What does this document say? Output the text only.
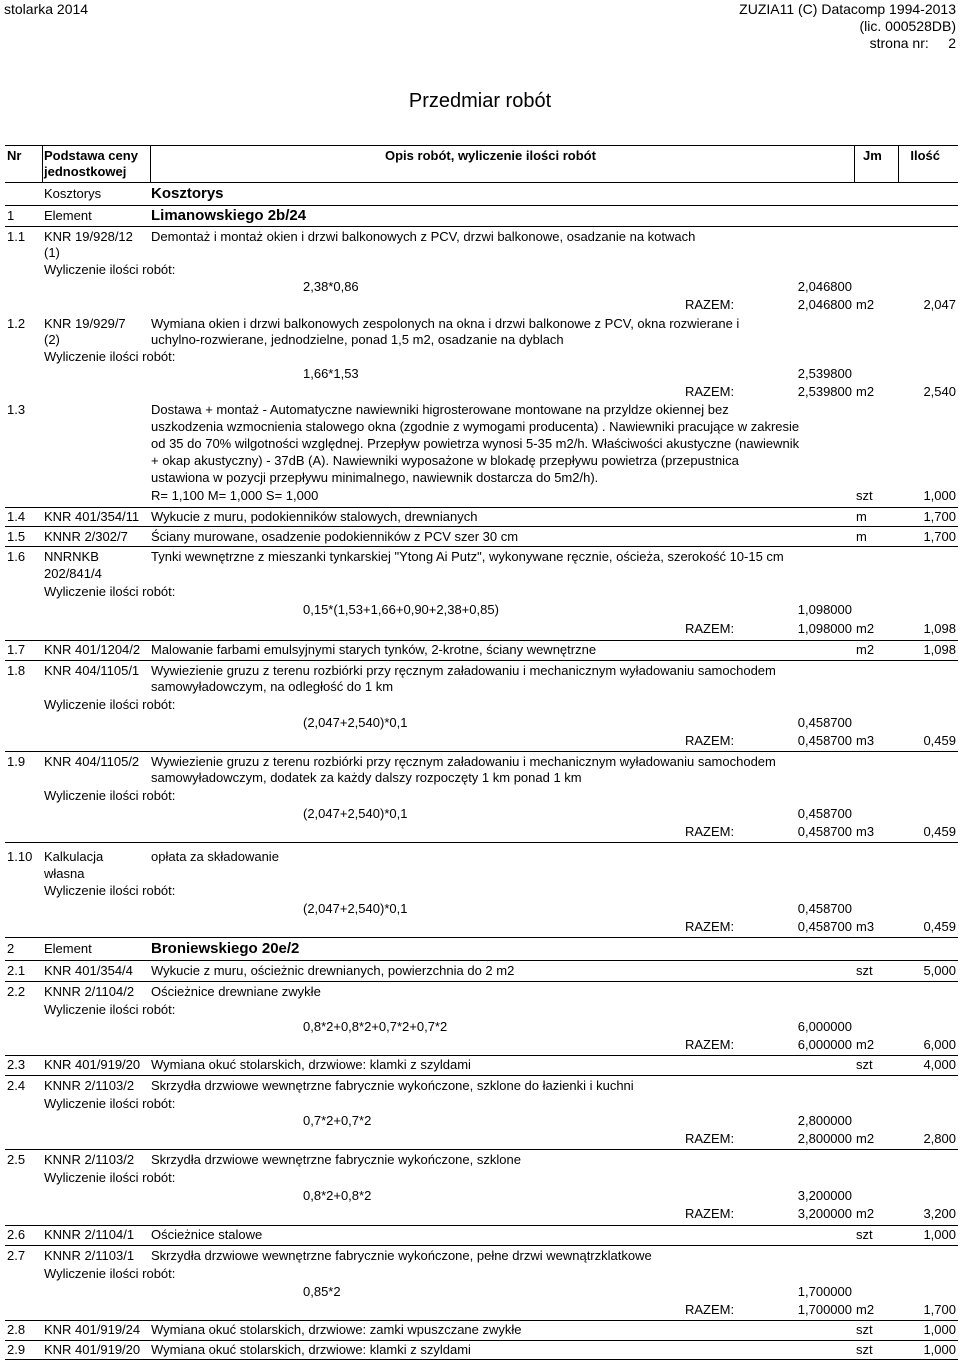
stolarka 2014	ZUZIA11 (C) Datacomp 1994-2013
(lic. 000528DB)
strona nr: 2
Przedmiar robót
Nr Podstawa ceny
jednostkowej
Opis robót, wyliczenie ilości robót	Jm Ilość
Kosztorys	Kosztorys
1 Element	Limanowskiego 2b/24
1.1 KNR 19/928/12
(1)
Demontaż i montaż okien i drzwi balkonowych z PCV, drzwi balkonowe, osadzanie na kotwach
Wyliczenie ilości robót:
2,38*0,86	2,046800
RAZEM:	2,046800 m2	2,047
1.2 KNR 19/929/7
(2)
Wymiana okien i drzwi balkonowych zespolonych na okna i drzwi balkonowe z PCV, okna rozwierane i
uchylno-rozwierane, jednodzielne, ponad 1,5 m2, osadzanie na dyblach
Wyliczenie ilości robót:
1,66*1,53	2,539800
RAZEM:	2,539800 m2	2,540
1.3	Dostawa + montaż - Automatyczne nawiewniki higrosterowane montowane na przyldze okiennej bez
uszkodzenia wzmocnienia stalowego okna (zgodnie z wymogami producenta) . Nawiewniki pracujące w zakresie
od 35 do 70% wilgotności względnej. Przepływ powietrza wynosi 5-35 m2/h. Właściwości akustyczne (nawiewnik
+ okap akustyczny) - 37dB (A). Nawiewniki wyposażone w blokadę przepływu powietrza (przepustnica
ustawiona w pozycji przepływu minimalnego, nawiewnik dostarcza do 5m2/h).
R= 1,100 M= 1,000 S= 1,000	szt	1,000
1.4 KNR 401/354/11 Wykucie z muru, podokienników stalowych, drewnianych	m	1,700
1.5 KNNR 2/302/7 Ściany murowane, osadzenie podokienników z PCV szer 30 cm	m	1,700
1.6 NNRNKB
202/841/4
Tynki wewnętrzne z mieszanki tynkarskiej "Ytong Ai Putz", wykonywane ręcznie, ościeża, szerokość 10-15 cm
Wyliczenie ilości robót:
0,15*(1,53+1,66+0,90+2,38+0,85)	1,098000
RAZEM:	1,098000 m2	1,098
1.7 KNR 401/1204/2 Malowanie farbami emulsyjnymi starych tynków, 2-krotne, ściany wewnętrzne	m2	1,098
1.8 KNR 404/1105/1 Wywiezienie gruzu z terenu rozbiórki przy ręcznym załadowaniu i mechanicznym wyładowaniu samochodem
samowyładowczym, na odległość do 1 km
Wyliczenie ilości robót:
(2,047+2,540)*0,1	0,458700
RAZEM:	0,458700 m3	0,459
1.9 KNR 404/1105/2 Wywiezienie gruzu z terenu rozbiórki przy ręcznym załadowaniu i mechanicznym wyładowaniu samochodem
samowyładowczym, dodatek za każdy dalszy rozpoczęty 1 km ponad 1 km
Wyliczenie ilości robót:
(2,047+2,540)*0,1	0,458700
RAZEM:	0,458700 m3	0,459
1.10 Kalkulacja
własna
opłata za składowanie
Wyliczenie ilości robót:
(2,047+2,540)*0,1	0,458700
RAZEM:	0,458700 m3	0,459
2 Element	Broniewskiego 20e/2
2.1 KNR 401/354/4 Wykucie z muru, ościeżnic drewnianych, powierzchnia do 2 m2	szt	5,000
2.2 KNNR 2/1104/2 Ościeżnice drewniane zwykłe
Wyliczenie ilości robót:
0,8*2+0,8*2+0,7*2+0,7*2	6,000000
RAZEM:	6,000000 m2	6,000
2.3 KNR 401/919/20 Wymiana okuć stolarskich, drzwiowe: klamki z szyldami	szt	4,000
2.4 KNNR 2/1103/2 Skrzydła drzwiowe wewnętrzne fabrycznie wykończone, szklone do łazienki i kuchni
Wyliczenie ilości robót:
0,7*2+0,7*2	2,800000
RAZEM:	2,800000 m2	2,800
2.5 KNNR 2/1103/2 Skrzydła drzwiowe wewnętrzne fabrycznie wykończone, szklone
Wyliczenie ilości robót:
0,8*2+0,8*2	3,200000
RAZEM:	3,200000 m2	3,200
2.6 KNNR 2/1104/1 Ościeżnice stalowe	szt	1,000
2.7 KNNR 2/1103/1 Skrzydła drzwiowe wewnętrzne fabrycznie wykończone, pełne drzwi wewnątrzklatkowe
Wyliczenie ilości robót:
0,85*2	1,700000
RAZEM:	1,700000 m2	1,700
2.8 KNR 401/919/24 Wymiana okuć stolarskich, drzwiowe: zamki wpuszczane zwykłe	szt	1,000
2.9 KNR 401/919/20 Wymiana okuć stolarskich, drzwiowe: klamki z szyldami	szt	1,000
